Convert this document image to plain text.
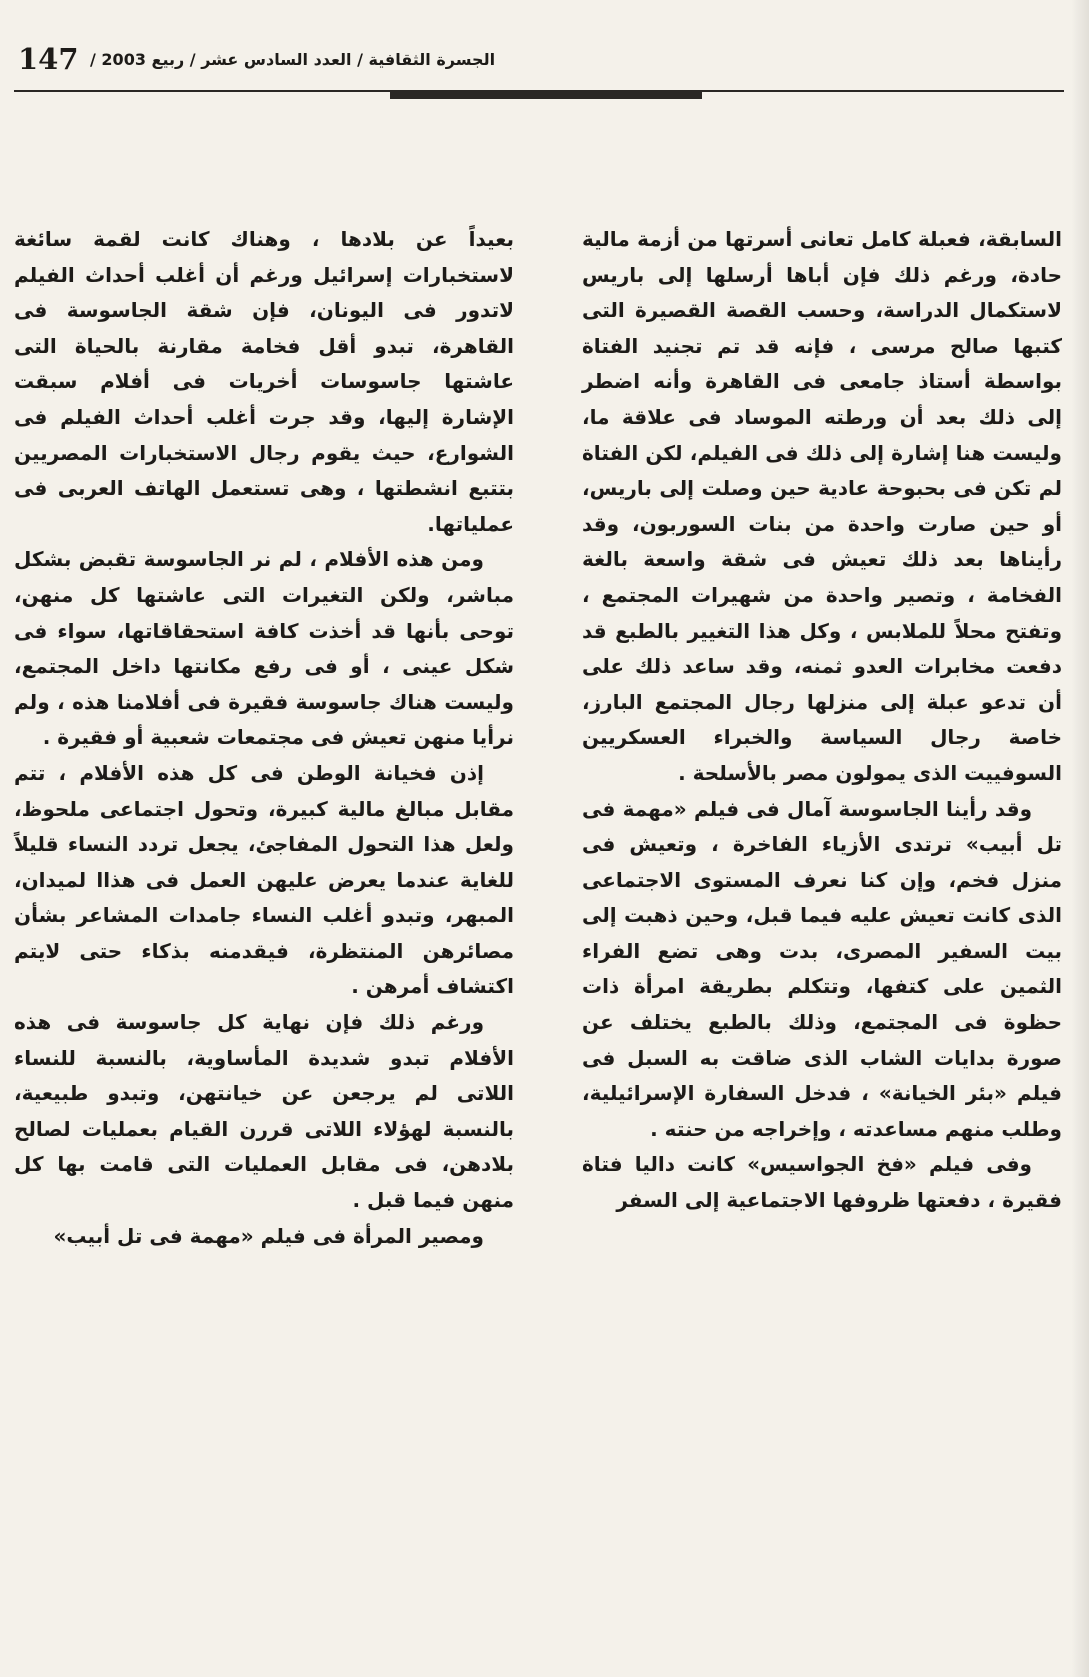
147 الجسرة الثقافية / العدد السادس عشر / ربيع 2003 /

السابقة، فعبلة كامل تعانى أسرتها من أزمة مالية حادة، ورغم ذلك فإن أباها أرسلها إلى باريس لاستكمال الدراسة، وحسب القصة القصيرة التى كتبها صالح مرسى ، فإنه قد تم تجنيد الفتاة بواسطة أستاذ جامعى فى القاهرة وأنه اضطر إلى ذلك بعد أن ورطته الموساد فى علاقة ما، وليست هنا إشارة إلى ذلك فى الفيلم، لكن الفتاة لم تكن فى بحبوحة عادية حين وصلت إلى باريس، أو حين صارت واحدة من بنات السوربون، وقد رأيناها بعد ذلك تعيش فى شقة واسعة بالغة الفخامة ، وتصير واحدة من شهيرات المجتمع ، وتفتح محلاً للملابس ، وكل هذا التغيير بالطبع قد دفعت مخابرات العدو ثمنه، وقد ساعد ذلك على أن تدعو عبلة إلى منزلها رجال المجتمع البارز، خاصة رجال السياسة والخبراء العسكريين السوفييت الذى يمولون مصر بالأسلحة .

وقد رأينا الجاسوسة آمال فى فيلم «مهمة فى تل أبيب» ترتدى الأزياء الفاخرة ، وتعيش فى منزل فخم، وإن كنا نعرف المستوى الاجتماعى الذى كانت تعيش عليه فيما قبل، وحين ذهبت إلى بيت السفير المصرى، بدت وهى تضع الفراء الثمين على كتفها، وتتكلم بطريقة امرأة ذات حظوة فى المجتمع، وذلك بالطبع يختلف عن صورة بدايات الشاب الذى ضاقت به السبل فى فيلم «بئر الخيانة» ، فدخل السفارة الإسرائيلية، وطلب منهم مساعدته ، وإخراجه من حنته .

وفى فيلم «فخ الجواسيس» كانت داليا فتاة فقيرة ، دفعتها ظروفها الاجتماعية إلى السفر

بعيداً عن بلادها ، وهناك كانت لقمة سائغة لاستخبارات إسرائيل ورغم أن أغلب أحداث الفيلم لاتدور فى اليونان، فإن شقة الجاسوسة فى القاهرة، تبدو أقل فخامة مقارنة بالحياة التى عاشتها جاسوسات أخريات فى أفلام سبقت الإشارة إليها، وقد جرت أغلب أحداث الفيلم فى الشوارع، حيث يقوم رجال الاستخبارات المصريين بتتبع انشطتها ، وهى تستعمل الهاتف العربى فى عملياتها.

ومن هذه الأفلام ، لم نر الجاسوسة تقبض بشكل مباشر، ولكن التغيرات التى عاشتها كل منهن، توحى بأنها قد أخذت كافة استحقاقاتها، سواء فى شكل عينى ، أو فى رفع مكانتها داخل المجتمع، وليست هناك جاسوسة فقيرة فى أفلامنا هذه ، ولم نرأيا منهن تعيش فى مجتمعات شعبية أو فقيرة .

إذن فخيانة الوطن فى كل هذه الأفلام ، تتم مقابل مبالغ مالية كبيرة، وتحول اجتماعى ملحوظ، ولعل هذا التحول المفاجئ، يجعل تردد النساء قليلاً للغاية عندما يعرض عليهن العمل فى هذاا لميدان، المبهر، وتبدو أغلب النساء جامدات المشاعر بشأن مصائرهن المنتظرة، فيقدمنه بذكاء حتى لايتم اكتشاف أمرهن .

ورغم ذلك فإن نهاية كل جاسوسة فى هذه الأفلام تبدو شديدة المأساوية، بالنسبة للنساء اللاتى لم يرجعن عن خيانتهن، وتبدو طبيعية، بالنسبة لهؤلاء اللاتى قررن القيام بعمليات لصالح بلادهن، فى مقابل العمليات التى قامت بها كل منهن فيما قبل .

ومصير المرأة فى فيلم «مهمة فى تل أبيب»
